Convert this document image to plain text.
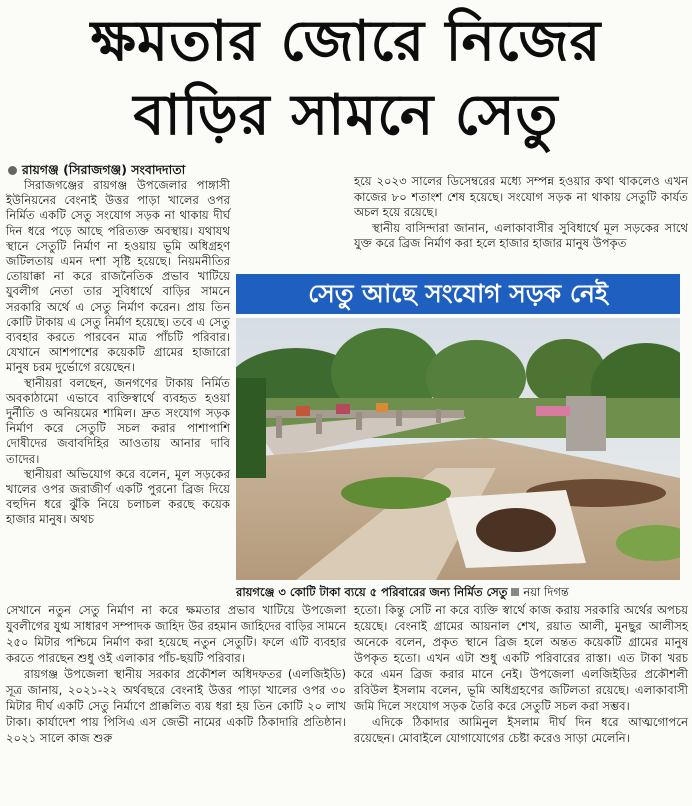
ক্ষমতার জোরে নিজের
বাড়ির সামনে সেতু
রায়গঞ্জ (সিরাজগঞ্জ) সংবাদদাতা

সিরাজগঞ্জের রায়গঞ্জ উপজেলার পাঙ্গাসী ইউনিয়নের বেংনাই উত্তর পাড়া খালের ওপর নির্মিত একটি সেতু সংযোগ সড়ক না থাকায় দীর্ঘ দিন ধরে পড়ে আছে পরিত্যক্ত অবস্থায়। যথাযথ স্থানে সেতুটি নির্মাণ না হওয়ায় ভূমি অধিগ্রহণ জটিলতায় এমন দশা সৃষ্টি হয়েছে। নিয়মনীতির তোয়াক্কা না করে রাজনৈতিক প্রভাব খাটিয়ে যুবলীগ নেতা তার সুবিধার্থে বাড়ির সামনে সরকারি অর্থে এ সেতু নির্মাণ করেন। প্রায় তিন কোটি টাকায় এ সেতু নির্মাণ হয়েছে। তবে এ সেতু ব্যবহার করতে পারবেন মাত্র পাঁচটি পরিবার। যেখানে আশপাশের কয়েকটি গ্রামের হাজারো মানুষ চরম দুর্ভোগে রয়েছেন।

স্থানীয়রা বলছেন, জনগণের টাকায় নির্মিত অবকাঠামো এভাবে ব্যক্তিস্বার্থে ব্যবহৃত হওয়া দুর্নীতি ও অনিয়মের শামিল। দ্রুত সংযোগ সড়ক নির্মাণ করে সেতুটি সচল করার পাশাপাশি দোষীদের জবাবদিহির আওতায় আনার দাবি তাদের।

স্থানীয়রা অভিযোগ করে বলেন, মূল সড়কের খালের ওপর জরাজীর্ণ একটি পুরনো ব্রিজ দিয়ে বহুদিন ধরে ঝুঁকি নিয়ে চলাচল করছে কয়েক হাজার মানুষ। অথচ

হয়ে ২০২৩ সালের ডিসেম্বরের মধ্যে সম্পন্ন হওয়ার কথা থাকলেও এখন কাজের ৮০ শতাংশ শেষ হয়েছে। সংযোগ সড়ক না থাকায় সেতুটি কার্যত অচল হয়ে রয়েছে।

স্থানীয় বাসিন্দারা জানান, এলাকাবাসীর সুবিধার্থে মূল সড়কের সাথে যুক্ত করে ব্রিজ নির্মাণ করা হলে হাজার হাজার মানুষ উপকৃত

সেতু আছে সংযোগ সড়ক নেই
রায়গঞ্জে ৩ কোটি টাকা ব্যয়ে ৫ পরিবারের জন্য নির্মিত সেতু নয়া দিগন্ত

সেখানে নতুন সেতু নির্মাণ না করে ক্ষমতার প্রভাব খাটিয়ে উপজেলা যুবলীগের যুগ্ম সাধারণ সম্পাদক জাহিদ উর রহমান জাহিদের বাড়ির সামনে ২৫০ মিটার পশ্চিমে নির্মাণ করা হয়েছে নতুন সেতুটি। ফলে এটি ব্যবহার করতে পারছেন শুধু ওই এলাকার পাঁচ-ছয়টি পরিবার।

রায়গঞ্জ উপজেলা স্থানীয় সরকার প্রকৌশল অধিদফতর (এলজিইডি) সূত্র জানায়, ২০২১-২২ অর্থবছরে বেংনাই উত্তর পাড়া খালের ওপর ৩০ মিটার দীর্ঘ একটি সেতু নির্মাণে প্রাক্কলিত ব্যয় ধরা হয় তিন কোটি ২০ লাখ টাকা। কার্যাদেশ পায় পিসিএ এস জেভী নামের একটি ঠিকাদারি প্রতিষ্ঠান। ২০২১ সালে কাজ শুরু

হতো। কিন্তু সেটি না করে ব্যক্তি স্বার্থে কাজ করায় সরকারি অর্থের অপচয় হয়েছে। বেংনাই গ্রামের আয়নাল শেখ, রয়াত আলী, মুনছুর আলীসহ অনেকে বলেন, প্রকৃত স্থানে ব্রিজ হলে অন্তত কয়েকটি গ্রামের মানুষ উপকৃত হতো। এখন এটা শুধু একটি পরিবারের রাস্তা। এত টাকা খরচ করে এমন ব্রিজ করার মানে নেই। উপজেলা এলজিইডির প্রকৌশলী রবিউল ইসলাম বলেন, ভূমি অধিগ্রহণের জটিলতা রয়েছে। এলাকাবাসী জমি দিলে সংযোগ সড়ক তৈরি করে সেতুটি সচল করা সম্ভব।

এদিকে ঠিকাদার আমিনুল ইসলাম দীর্ঘ দিন ধরে আত্মগোপনে রয়েছেন। মোবাইলে যোগাযোগের চেষ্টা করেও সাড়া মেলেনি।
